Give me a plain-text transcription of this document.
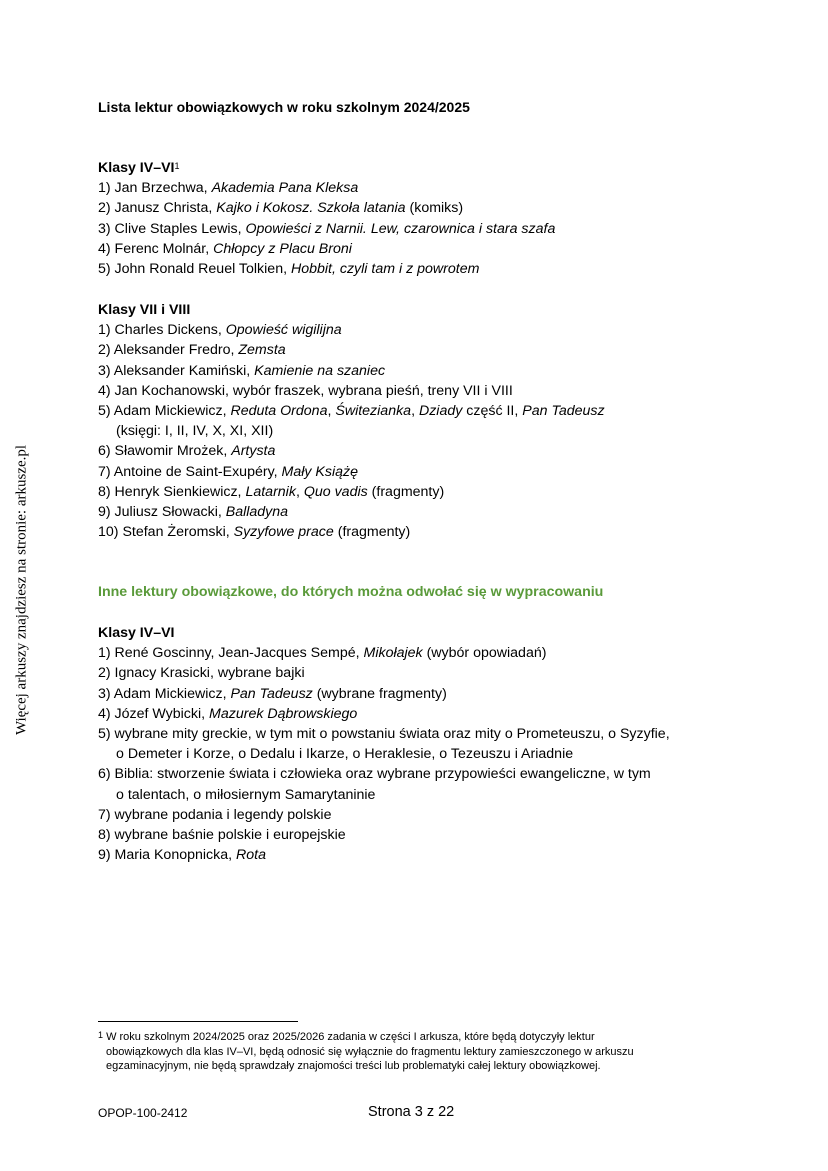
Więcej arkuszy znajdziesz na stronie: arkusze.pl
Lista lektur obowiązkowych w roku szkolnym 2024/2025
Klasy $IV-VI^1$
1) Jan Brzechwa, Akademia Pana Kleksa
2) Janusz Christa, Kajko i Kokosz. Szkoła latania (komiks)
3) Clive Staples Lewis, Opowieści z Narnii. Lew, czarownica i stara szafa
4) Ferenc Molnár, Chłopcy z Placu Broni
5) John Ronald Reuel Tolkien, Hobbit, czyli tam i z powrotem
Klasy VII i VIII
1) Charles Dickens, Opowieść wigilijna
2) Aleksander Fredro, Zemsta
3) Aleksander Kamiński, Kamienie na szaniec
4) Jan Kochanowski, wybór fraszek, wybrana pieśń, treny VII i VIII
5) Adam Mickiewicz, Reduta Ordona, Świtezianka, Dziady część II, Pan Tadeusz
(księgi: I, II, IV, X, XI, XII)
6) Sławomir Mrożek, Artysta
7) Antoine de Saint-Exupéry, Mały Książę
8) Henryk Sienkiewicz, Latarnik, Quo vadis (fragmenty)
9) Juliusz Słowacki, Balladyna
10) Stefan Żeromski, Syzyfowe prace (fragmenty)
Inne lektury obowiązkowe, do których można odwołać się w wypracowaniu
Klasy IV–VI
1) René Goscinny, Jean-Jacques Sempé, Mikołajek (wybór opowiadań)
2) Ignacy Krasicki, wybrane bajki
3) Adam Mickiewicz, Pan Tadeusz (wybrane fragmenty)
4) Józef Wybicki, Mazurek Dąbrowskiego
5) wybrane mity greckie, w tym mit o powstaniu świata oraz mity o Prometeuszu, o Syzyfie,
o Demeter i Korze, o Dedalu i Ikarze, o Heraklesie, o Tezeuszu i Ariadnie
6) Biblia: stworzenie świata i człowieka oraz wybrane przypowieści ewangeliczne, w tym
o talentach, o miłosiernym Samarytaninie
7) wybrane podania i legendy polskie
8) wybrane baśnie polskie i europejskie
9) Maria Konopnicka, Rota
$^1$ W roku szkolnym 2024/2025 oraz 2025/2026 zadania w części I arkusza, które będą dotyczyły lektur
obowiązkowych dla klas IV–VI, będą odnosić się wyłącznie do fragmentu lektury zamieszczonego w arkuszu
egzaminacyjnym, nie będą sprawdzały znajomości treści lub problematyki całej lektury obowiązkowej.
OPOP-100-2412	Strona 3 z 22
